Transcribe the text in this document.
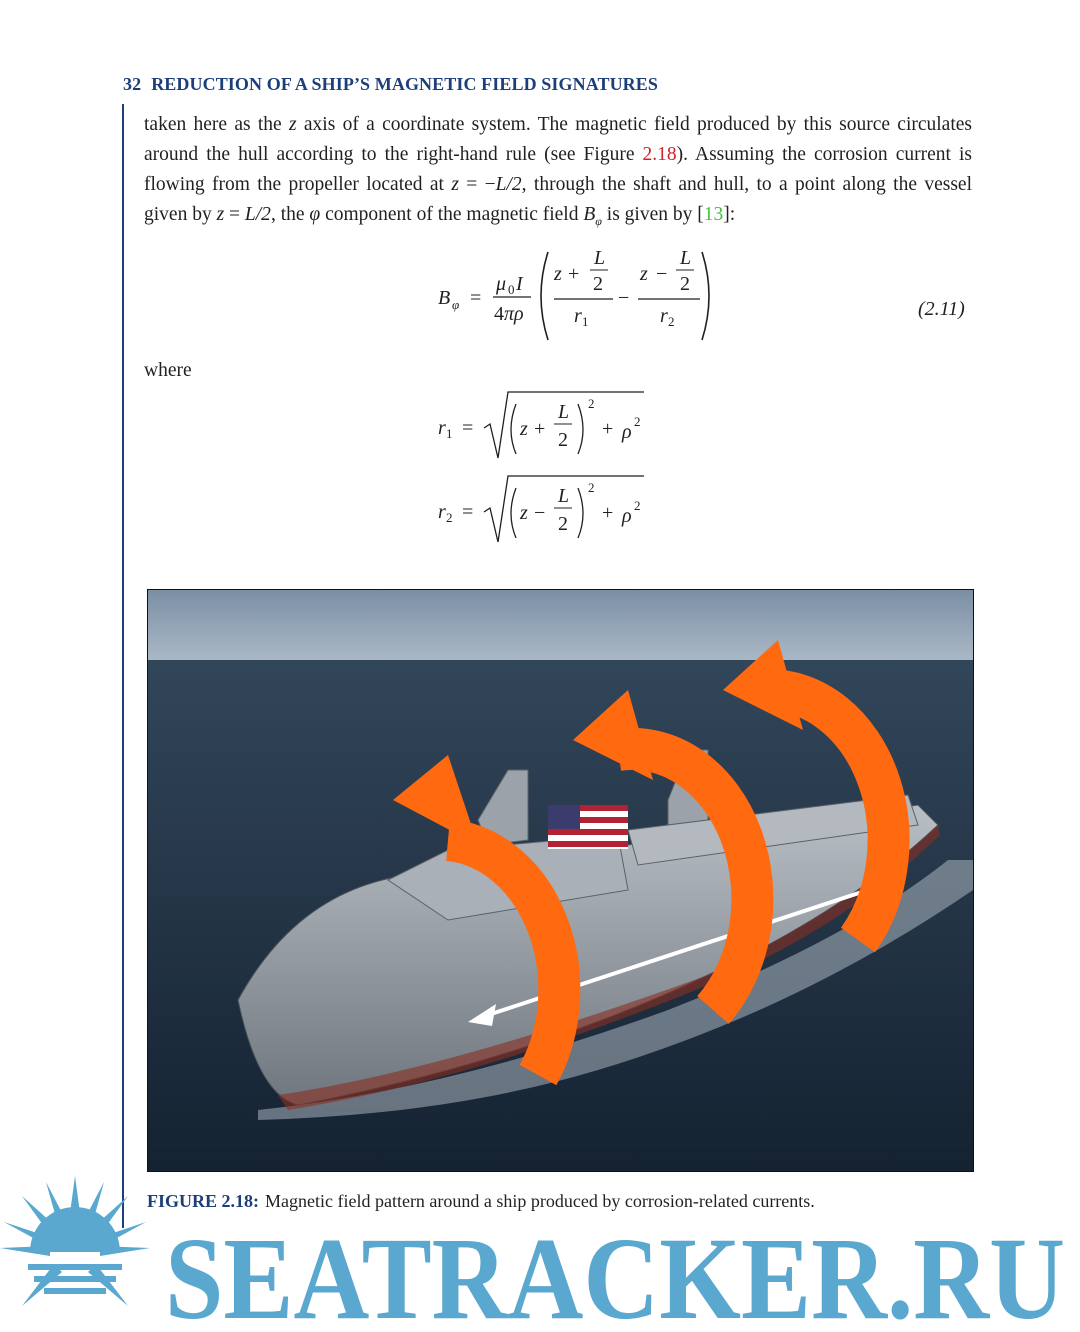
32 REDUCTION OF A SHIP’S MAGNETIC FIELD SIGNATURES

taken here as the z axis of a coordinate system. The magnetic field produced by this source circulates around the hull according to the right-hand rule (see Figure 2.18). Assuming the corrosion current is flowing from the propeller located at z = −L/2, through the shaft and hull, to a point along the vessel given by z = L/2, the φ component of the magnetic field $B_\varphi$ is given by [13]:

B φ =
μ 0 I
4 πρ
z +
L
2
r 1
−
z −
L
2
r 2
(2.11)
where
r 1 = z +
L
2
2
+ ρ 2
r 2 = z −
L
2
2
+ ρ 2
FIGURE 2.18: Magnetic field pattern around a ship produced by corrosion-related currents.
SEATRACKER.RU
